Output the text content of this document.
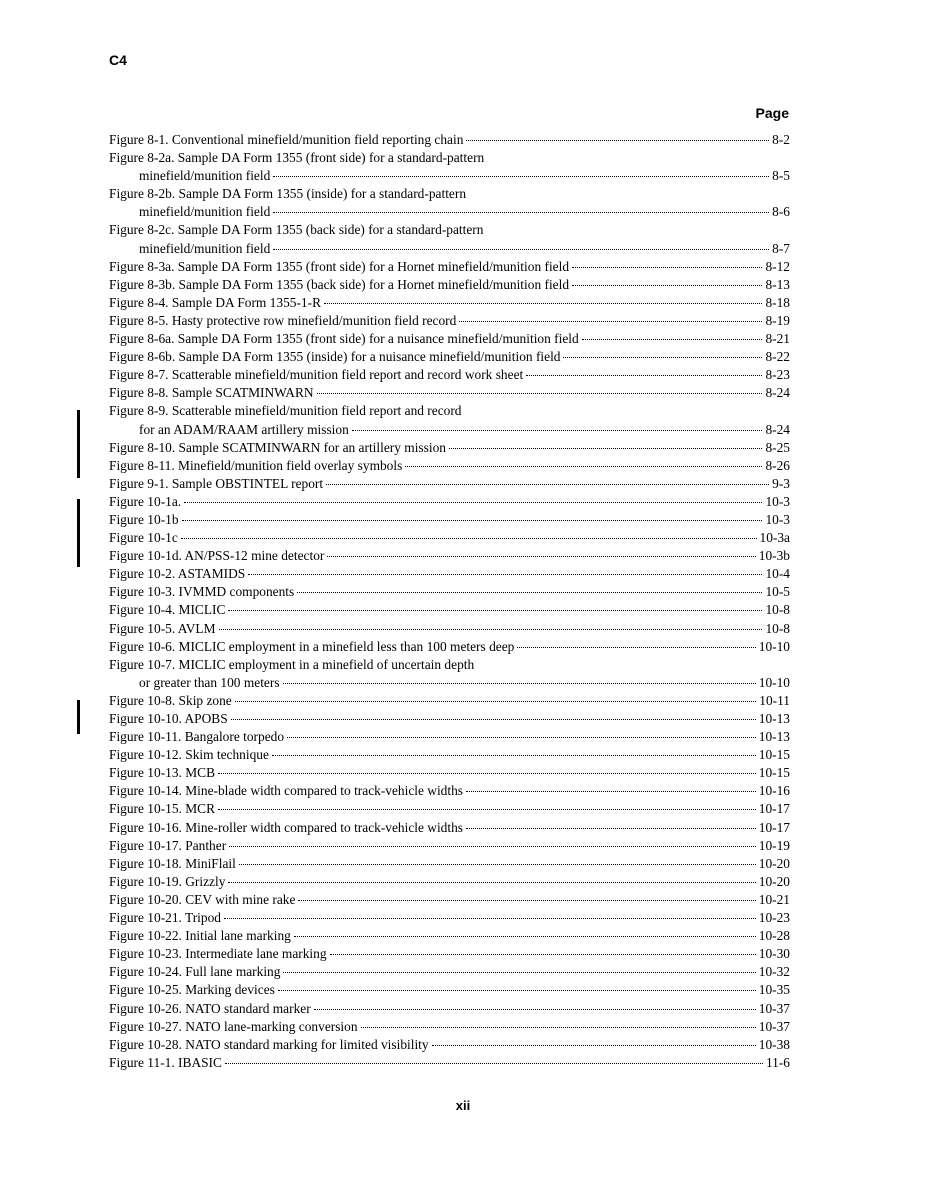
C4
Page
Figure 8-1. Conventional minefield/munition field reporting chain	8-2
Figure 8-2a. Sample DA Form 1355 (front side) for a standard-pattern
minefield/munition field	8-5
Figure 8-2b. Sample DA Form 1355 (inside) for a standard-pattern
minefield/munition field	8-6
Figure 8-2c. Sample DA Form 1355 (back side) for a standard-pattern
minefield/munition field	8-7
Figure 8-3a. Sample DA Form 1355 (front side) for a Hornet minefield/munition field	8-12
Figure 8-3b. Sample DA Form 1355 (back side) for a Hornet minefield/munition field	8-13
Figure 8-4. Sample DA Form 1355-1-R	8-18
Figure 8-5. Hasty protective row minefield/munition field record	8-19
Figure 8-6a. Sample DA Form 1355 (front side) for a nuisance minefield/munition field	8-21
Figure 8-6b. Sample DA Form 1355 (inside) for a nuisance minefield/munition field	8-22
Figure 8-7. Scatterable minefield/munition field report and record work sheet	8-23
Figure 8-8. Sample SCATMINWARN	8-24
Figure 8-9. Scatterable minefield/munition field report and record
for an ADAM/RAAM artillery mission	8-24
Figure 8-10. Sample SCATMINWARN for an artillery mission	8-25
Figure 8-11. Minefield/munition field overlay symbols	8-26
Figure 9-1. Sample OBSTINTEL report	9-3
Figure 10-1a.	10-3
Figure 10-1b	10-3
Figure 10-1c	10-3a
Figure 10-1d. AN/PSS-12 mine detector	10-3b
Figure 10-2. ASTAMIDS	10-4
Figure 10-3. IVMMD components	10-5
Figure 10-4. MICLIC	10-8
Figure 10-5. AVLM	10-8
Figure 10-6. MICLIC employment in a minefield less than 100 meters deep	10-10
Figure 10-7. MICLIC employment in a minefield of uncertain depth
or greater than 100 meters	10-10
Figure 10-8. Skip zone	10-11
Figure 10-10. APOBS	10-13
Figure 10-11. Bangalore torpedo	10-13
Figure 10-12. Skim technique	10-15
Figure 10-13. MCB	10-15
Figure 10-14. Mine-blade width compared to track-vehicle widths	10-16
Figure 10-15. MCR	10-17
Figure 10-16. Mine-roller width compared to track-vehicle widths	10-17
Figure 10-17. Panther	10-19
Figure 10-18. MiniFlail	10-20
Figure 10-19. Grizzly	10-20
Figure 10-20. CEV with mine rake	10-21
Figure 10-21. Tripod	10-23
Figure 10-22. Initial lane marking	10-28
Figure 10-23. Intermediate lane marking	10-30
Figure 10-24. Full lane marking	10-32
Figure 10-25. Marking devices	10-35
Figure 10-26. NATO standard marker	10-37
Figure 10-27. NATO lane-marking conversion	10-37
Figure 10-28. NATO standard marking for limited visibility	10-38
Figure 11-1. IBASIC	11-6
xii
